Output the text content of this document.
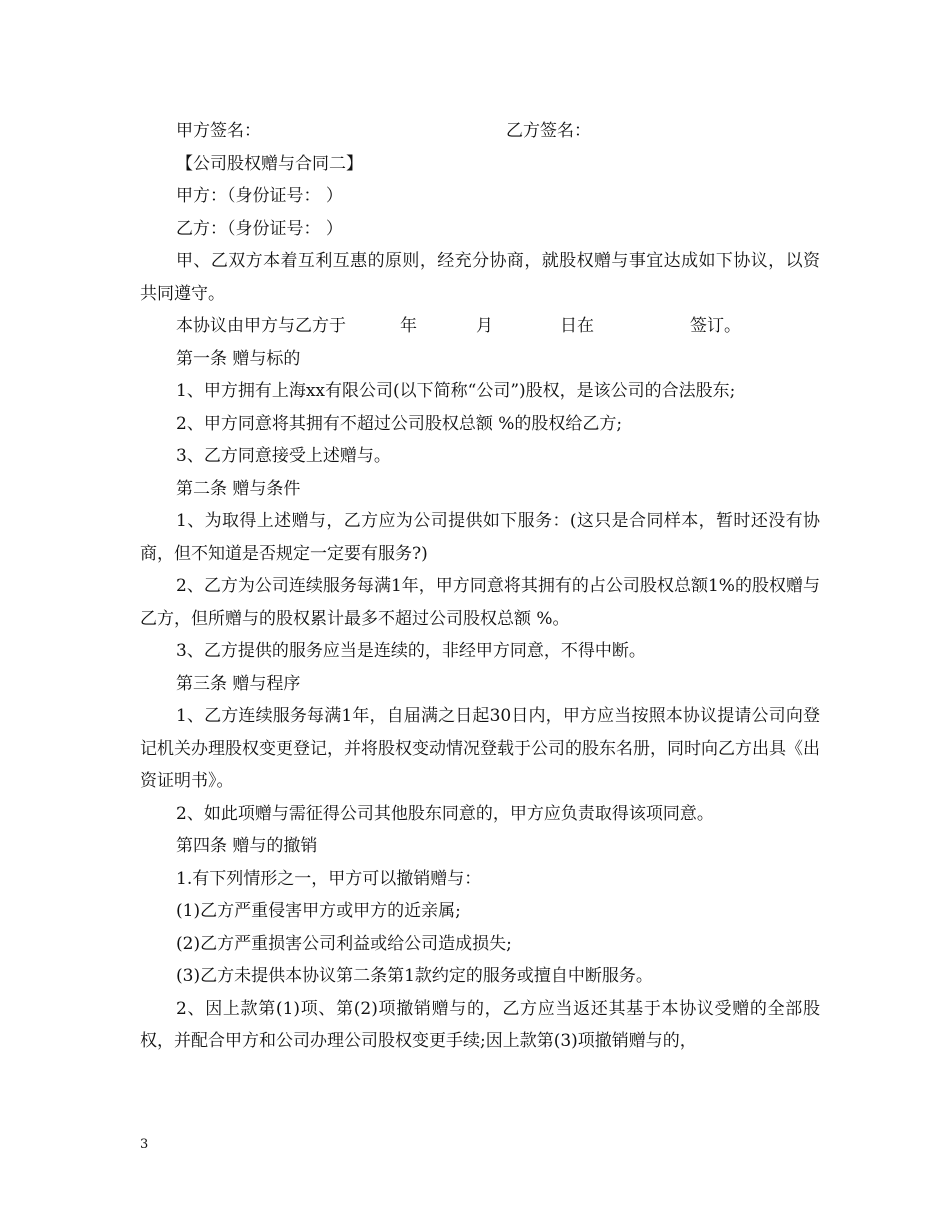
甲方签名：	乙方签名：

【公司股权赠与合同二】

甲方：（身份证号： ）

乙方：（身份证号： ）

甲、乙双方本着互利互惠的原则，经充分协商，就股权赠与事宜达成如下协议，以资共同遵守。

本协议由甲方与乙方于	年	月	日在	签订。

第一条 赠与标的

1、甲方拥有上海xx有限公司(以下简称“公司”)股权，是该公司的合法股东;

2、甲方同意将其拥有不超过公司股权总额 %的股权给乙方;

3、乙方同意接受上述赠与。

第二条 赠与条件

1、为取得上述赠与，乙方应为公司提供如下服务：(这只是合同样本，暂时还没有协商，但不知道是否规定一定要有服务?)

2、乙方为公司连续服务每满1年，甲方同意将其拥有的占公司股权总额1%的股权赠与乙方，但所赠与的股权累计最多不超过公司股权总额 %。

3、乙方提供的服务应当是连续的，非经甲方同意，不得中断。

第三条 赠与程序

1、乙方连续服务每满1年，自届满之日起30日内，甲方应当按照本协议提请公司向登记机关办理股权变更登记，并将股权变动情况登载于公司的股东名册，同时向乙方出具《出资证明书》。

2、如此项赠与需征得公司其他股东同意的，甲方应负责取得该项同意。

第四条 赠与的撤销

1.有下列情形之一，甲方可以撤销赠与：

(1)乙方严重侵害甲方或甲方的近亲属;

(2)乙方严重损害公司利益或给公司造成损失;

(3)乙方未提供本协议第二条第1款约定的服务或擅自中断服务。

2、因上款第(1)项、第(2)项撤销赠与的，乙方应当返还其基于本协议受赠的全部股权，并配合甲方和公司办理公司股权变更手续;因上款第(3)项撤销赠与的，

3
